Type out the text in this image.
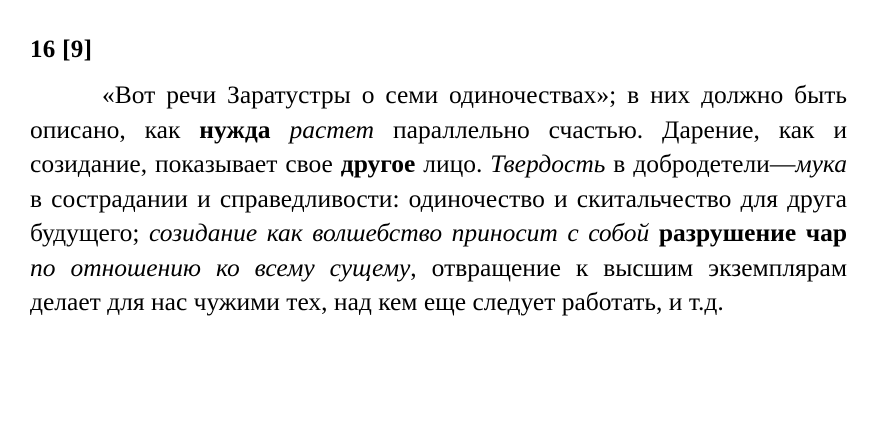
16 [9]
«Вот речи Заратустры о семи одиночествах»; в них должно быть описано, как нужда растет параллельно счастью. Дарение, как и созидание, показывает свое другое лицо. Твердость в добродетели—мука в сострадании и справедливости: одиночество и скитальчество для друга будущего; созидание как волшебство приносит с собой разрушение чар по отношению ко всему сущему, отвращение к высшим экземплярам делает для нас чужими тех, над кем еще следует работать, и т.д.
